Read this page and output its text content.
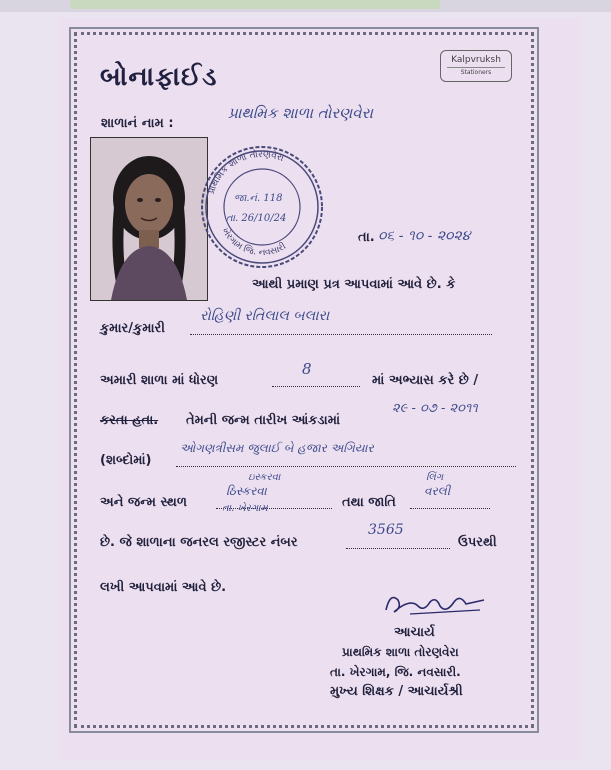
બોનાફાઈડ
Kalpvruksh
Stationers
શાળાનં નામ :
પ્રાથમિક શાળા તોરણવેરા
પ્રાથમિક શાળા તોરણવેરા
ખેરગામ જિ. નવસારી
જા.નં. 118
તા. 26/10/24
તા. ૦૬ - ૧૦ - ૨૦૨૪
આથી પ્રમાણ પ્રત્ર આપવામાં આવે છે. કે
કુમાર/કુમારી
રોહિણી રતિલાલ બલારા
અમારી શાળા માં ધોરણ
8
માં અભ્યાસ કરે છે /
કરતા હતા. તેમની જન્મ તારીખ આંકડામાં
૨૯ - ૦૭ - ૨૦૧૧
(શબ્દોમાં)
ઓગણત્રીસમ જુલાઈ બે હજાર અગિયાર
અને જન્મ સ્થળ
ઇસ્કરવા
ઠિસ્કરવા
તા. ખેરગામ	તથા જાતિ
લિંગ
વરલી
છે. જે શાળાના જનરલ રજીસ્ટર નંબર
3565
ઉપરથી
લખી આપવામાં આવે છે.
આચાર્ય
પ્રાથમિક શાળા તોરણવેરા
તા. ખેરગામ, જિ. નવસારી.
મુખ્ય શિક્ષક / આચાર્યશ્રી
